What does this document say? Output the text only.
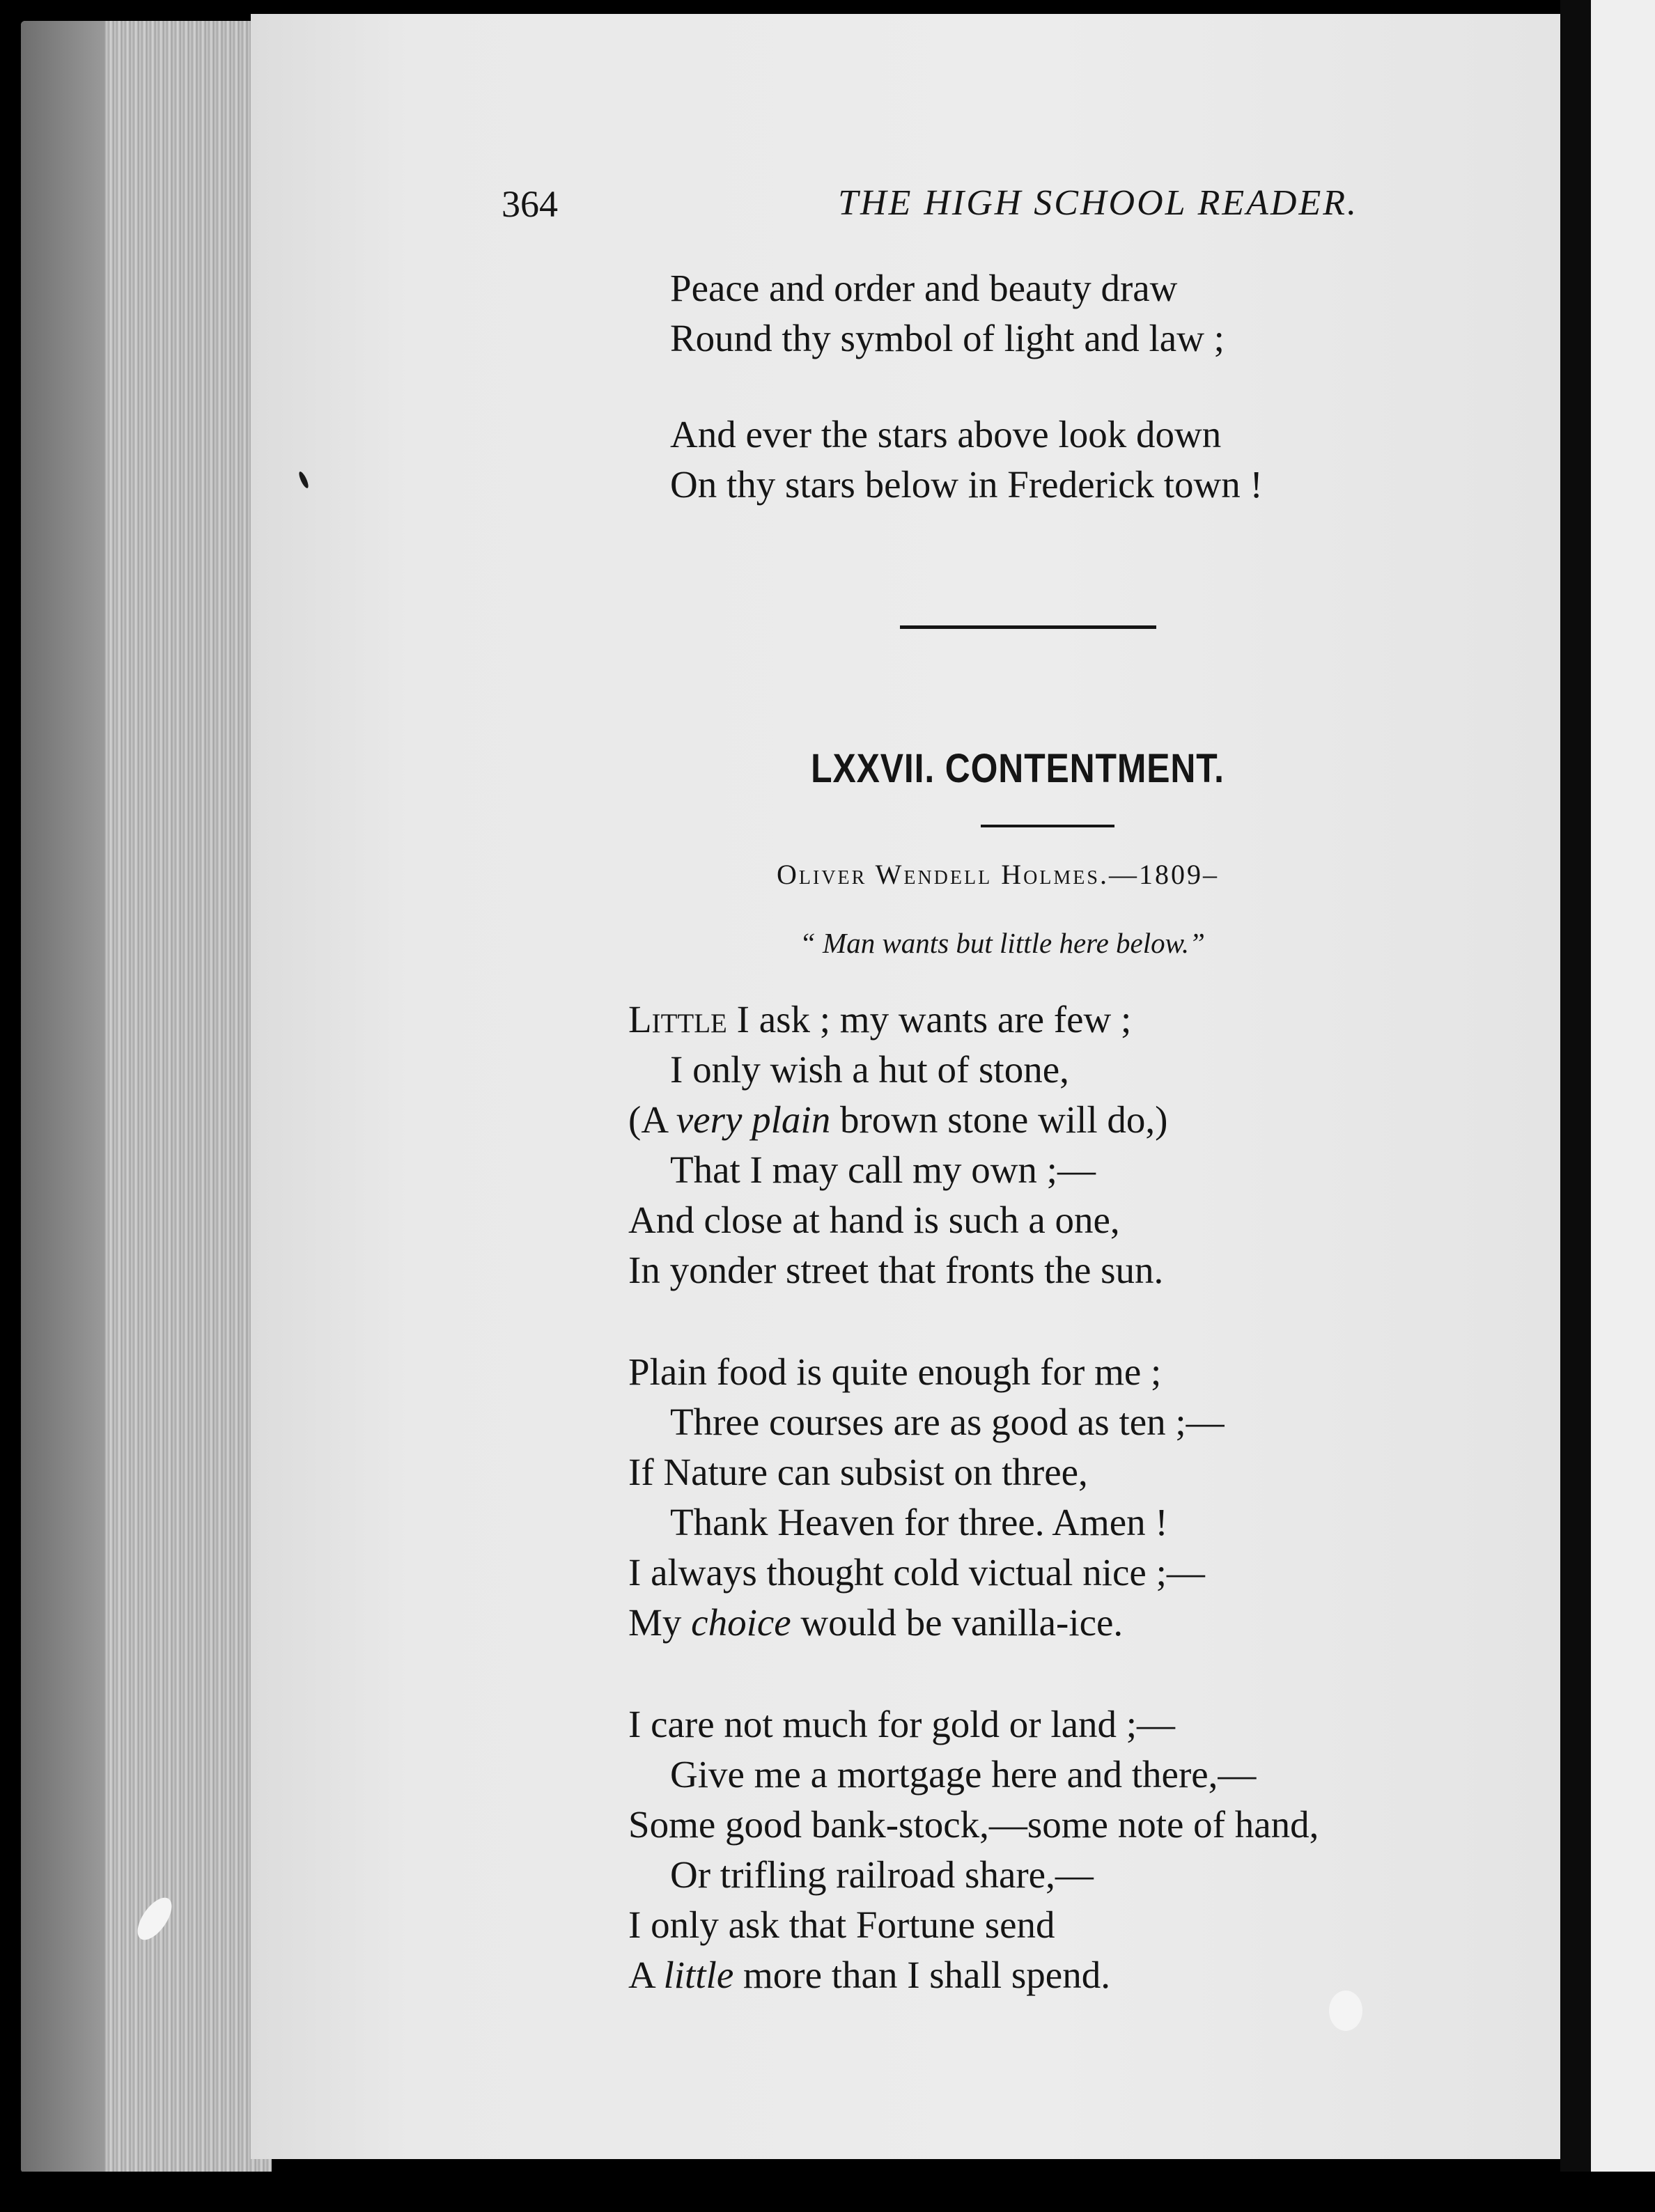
364	THE HIGH SCHOOL READER.
Peace and order and beauty draw
Round thy symbol of light and law ;
And ever the stars above look down
On thy stars below in Frederick town !
LXXVII. CONTENTMENT.
Oliver Wendell Holmes.—1809–
“ Man wants but little here below.”
Little I ask ; my wants are few ;
I only wish a hut of stone,
(A very plain brown stone will do,)
That I may call my own ;—
And close at hand is such a one,
In yonder street that fronts the sun.
Plain food is quite enough for me ;
Three courses are as good as ten ;—
If Nature can subsist on three,
Thank Heaven for three. Amen !
I always thought cold victual nice ;—
My choice would be vanilla-ice.
I care not much for gold or land ;—
Give me a mortgage here and there,—
Some good bank-stock,—some note of hand,
Or trifling railroad share,—
I only ask that Fortune send
A little more than I shall spend.
